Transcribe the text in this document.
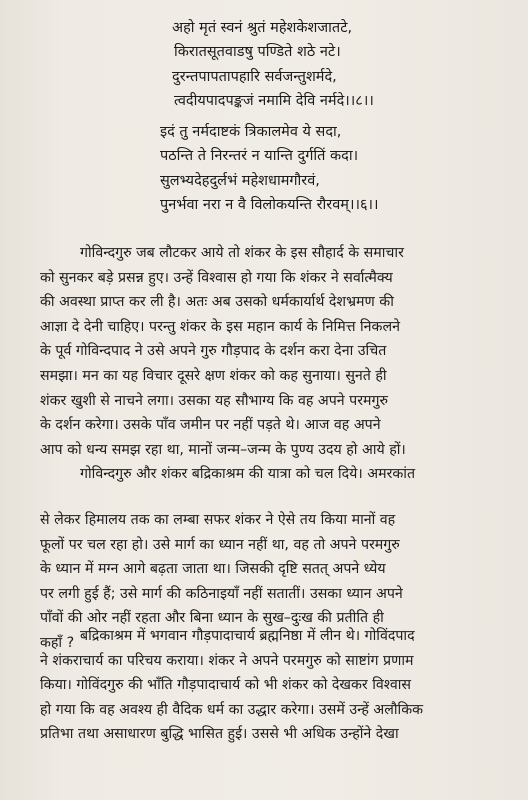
अहो मृतं स्वनं श्रुतं महेशकेशजातटे,
किरातसूतवाडषु पण्डिते शठे नटे।
दुरन्तपापतापहारि सर्वजन्तुशर्मदे,
त्वदीयपादपङ्कजं नमामि देवि नर्मदे।।८।।
इदं तु नर्मदाष्टकं त्रिकालमेव ये सदा,
पठन्ति ते निरन्तरं न यान्ति दुर्गतिं कदा।
सुलभ्यदेहदुर्लभं महेशधामगौरवं,
पुनर्भवा नरा न वै विलोकयन्ति रौरवम्।।६।।
गोविन्दगुरु जब लौटकर आये तो शंकर के इस सौहार्द के समाचार
को सुनकर बड़े प्रसन्न हुए। उन्हें विश्वास हो गया कि शंकर ने सर्वात्मैक्य
की अवस्था प्राप्त कर ली है। अतः अब उसको धर्मकार्यार्थ देशभ्रमण की
आज्ञा दे देनी चाहिए। परन्तु शंकर के इस महान कार्य के निमित्त निकलने
के पूर्व गोविन्दपाद ने उसे अपने गुरु गौड़पाद के दर्शन करा देना उचित
समझा। मन का यह विचार दूसरे क्षण शंकर को कह सुनाया। सुनते ही
शंकर खुशी से नाचने लगा। उसका यह सौभाग्य कि वह अपने परमगुरु
के दर्शन करेगा। उसके पाँव जमीन पर नहीं पड़ते थे। आज वह अपने
आप को धन्य समझ रहा था, मानों जन्म–जन्म के पुण्य उदय हो आये हों।
गोविन्दगुरु और शंकर बद्रिकाश्रम की यात्रा को चल दिये। अमरकांत
से लेकर हिमालय तक का लम्बा सफर शंकर ने ऐसे तय किया मानों वह
फूलों पर चल रहा हो। उसे मार्ग का ध्यान नहीं था, वह तो अपने परमगुरु
के ध्यान में मग्न आगे बढ़ता जाता था। जिसकी दृष्टि सतत् अपने ध्येय
पर लगी हुई हैं; उसे मार्ग की कठिनाइयाँ नहीं सतातीं। उसका ध्यान अपने
पाँवों की ओर नहीं रहता और बिना ध्यान के सुख–दुःख की प्रतीति ही
कहाँ ? बद्रिकाश्रम में भगवान गौड़पादाचार्य ब्रह्मनिष्ठा में लीन थे। गोविंदपाद
ने शंकराचार्य का परिचय कराया। शंकर ने अपने परमगुरु को साष्टांग प्रणाम
किया। गोविंदगुरु की भाँति गौड़पादाचार्य को भी शंकर को देखकर विश्वास
हो गया कि वह अवश्य ही वैदिक धर्म का उद्धार करेगा। उसमें उन्हें अलौकिक
प्रतिभा तथा असाधारण बुद्धि भासित हुई। उससे भी अधिक उन्होंने देखा
